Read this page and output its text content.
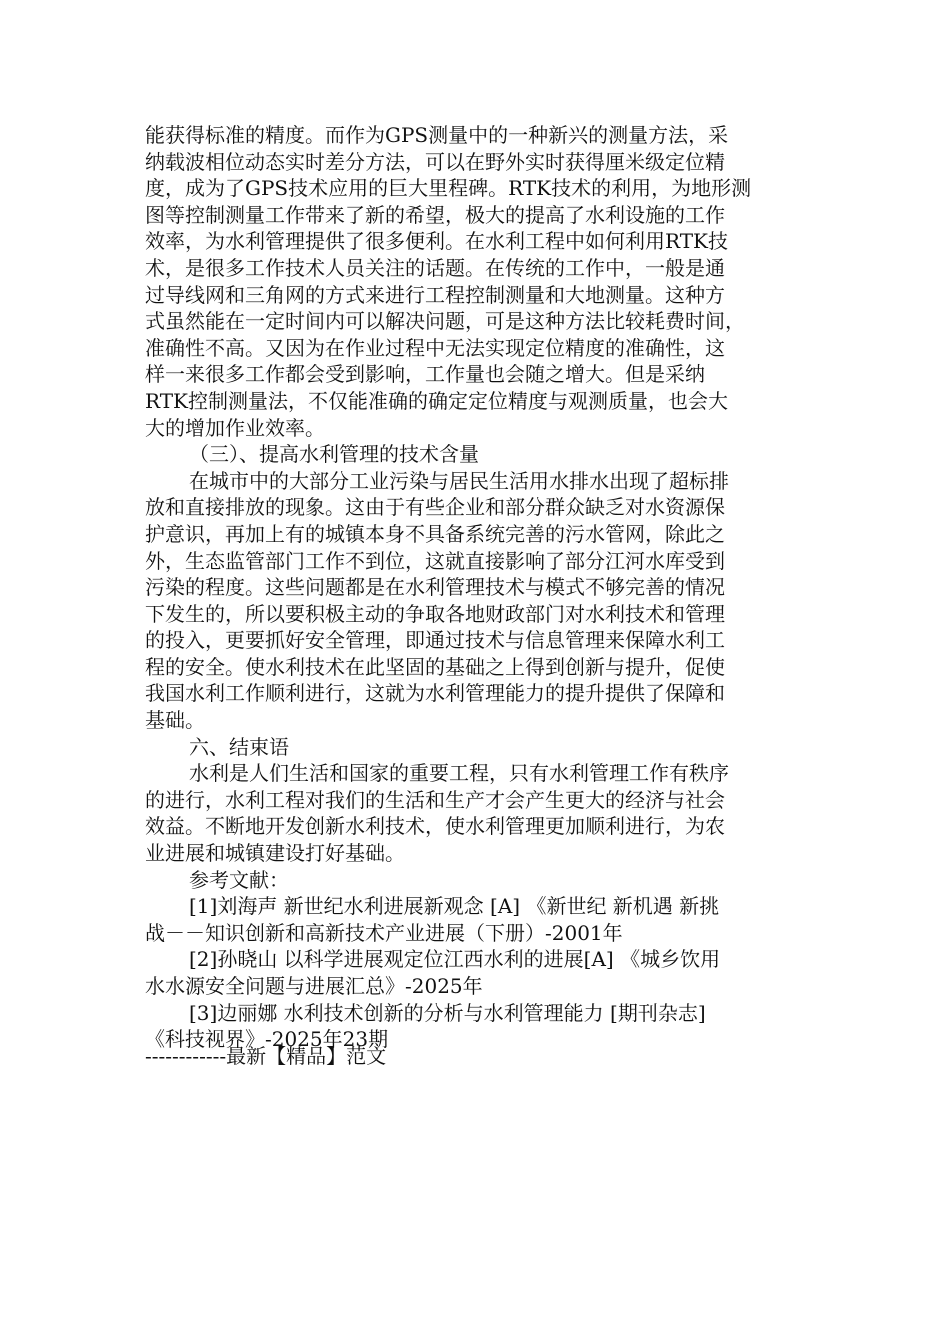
能获得标准的精度。而作为GPS测量中的一种新兴的测量方法，采
纳载波相位动态实时差分方法，可以在野外实时获得厘米级定位精
度，成为了GPS技术应用的巨大里程碑。RTK技术的利用，为地形测
图等控制测量工作带来了新的希望，极大的提高了水利设施的工作
效率，为水利管理提供了很多便利。在水利工程中如何利用RTK技
术，是很多工作技术人员关注的话题。在传统的工作中，一般是通
过导线网和三角网的方式来进行工程控制测量和大地测量。这种方
式虽然能在一定时间内可以解决问题，可是这种方法比较耗费时间，
准确性不高。又因为在作业过程中无法实现定位精度的准确性，这
样一来很多工作都会受到影响，工作量也会随之增大。但是采纳
RTK控制测量法，不仅能准确的确定定位精度与观测质量，也会大
大的增加作业效率。
（三）、提高水利管理的技术含量
在城市中的大部分工业污染与居民生活用水排水出现了超标排
放和直接排放的现象。这由于有些企业和部分群众缺乏对水资源保
护意识，再加上有的城镇本身不具备系统完善的污水管网，除此之
外，生态监管部门工作不到位，这就直接影响了部分江河水库受到
污染的程度。这些问题都是在水利管理技术与模式不够完善的情况
下发生的，所以要积极主动的争取各地财政部门对水利技术和管理
的投入，更要抓好安全管理，即通过技术与信息管理来保障水利工
程的安全。使水利技术在此坚固的基础之上得到创新与提升，促使
我国水利工作顺利进行，这就为水利管理能力的提升提供了保障和
基础。
六、结束语
水利是人们生活和国家的重要工程，只有水利管理工作有秩序
的进行，水利工程对我们的生活和生产才会产生更大的经济与社会
效益。不断地开发创新水利技术，使水利管理更加顺利进行，为农
业进展和城镇建设打好基础。
参考文献：
[1]刘海声 新世纪水利进展新观念 [A] 《新世纪 新机遇 新挑
战－－知识创新和高新技术产业进展（下册）-2001年
[2]孙晓山 以科学进展观定位江西水利的进展[A] 《城乡饮用
水水源安全问题与进展汇总》-2025年
[3]边丽娜 水利技术创新的分析与水利管理能力 [期刊杂志]
《科技视界》-2025年23期
------------最新【精品】范文
